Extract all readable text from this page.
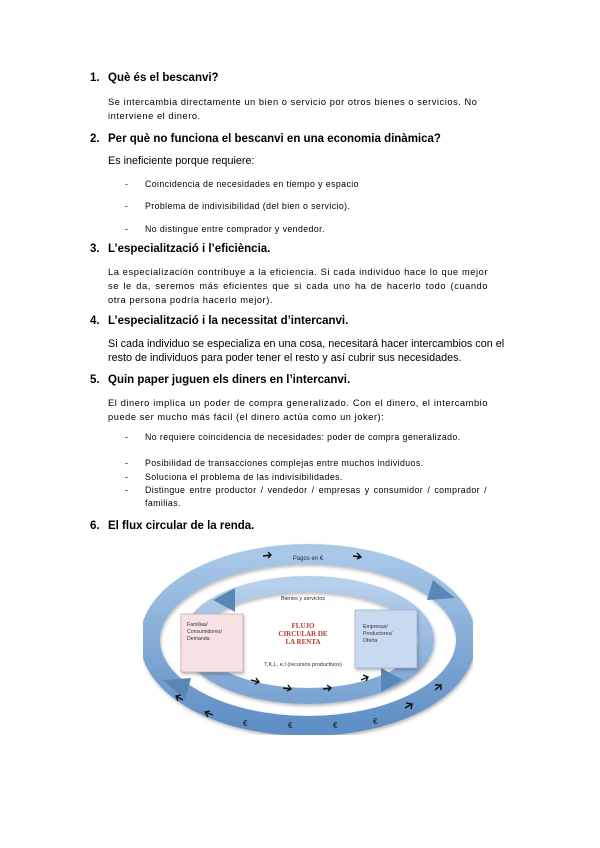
1. Què és el bescanvi?
Se intercambia directamente un bien o servicio por otros bienes o servicios. No interviene el dinero.
2. Per què no funciona el bescanvi en una economia dinàmica?
Es ineficiente porque requiere:
- Coincidencia de necesidades en tiempo y espacio
- Problema de indivisibilidad (del bien o servicio).
- No distingue entre comprador y vendedor.
3. L’especialització i l’eficiència.
La especialización contribuye a la eficiencia. Si cada individuo hace lo que mejor se le da, seremos más eficientes que si cada uno ha de hacerlo todo (cuando otra persona podría hacerlo mejor).
4. L’especialització i la necessitat d’intercanvi.
Si cada individuo se especializa en una cosa, necesitará hacer intercambios con el resto de individuos para poder tener el resto y así cubrir sus necesidades.
5. Quin paper juguen els diners en l’intercanvi.
El dinero implica un poder de compra generalizado. Con el dinero, el intercambio puede ser mucho más fácil (el dinero actúa como un joker):
- No requiere coincidencia de necesidades: poder de compra generalizado.
- Posibilidad de transacciones complejas entre muchos individuos.
- Soluciona el problema de las indivisibilidades.
- Distingue entre productor / vendedor / empresas y consumidor / comprador / familias.
6. El flux circular de la renda.
Pagos en €
Bienes y servicios
Familias/
Consumidores/
Demanda
Empresas/
Productores/
Oferta
FLUJO
CIRCULAR DE
LA RENTA
T,K,L, e,I (recursos productivos)
€	€	€	€
